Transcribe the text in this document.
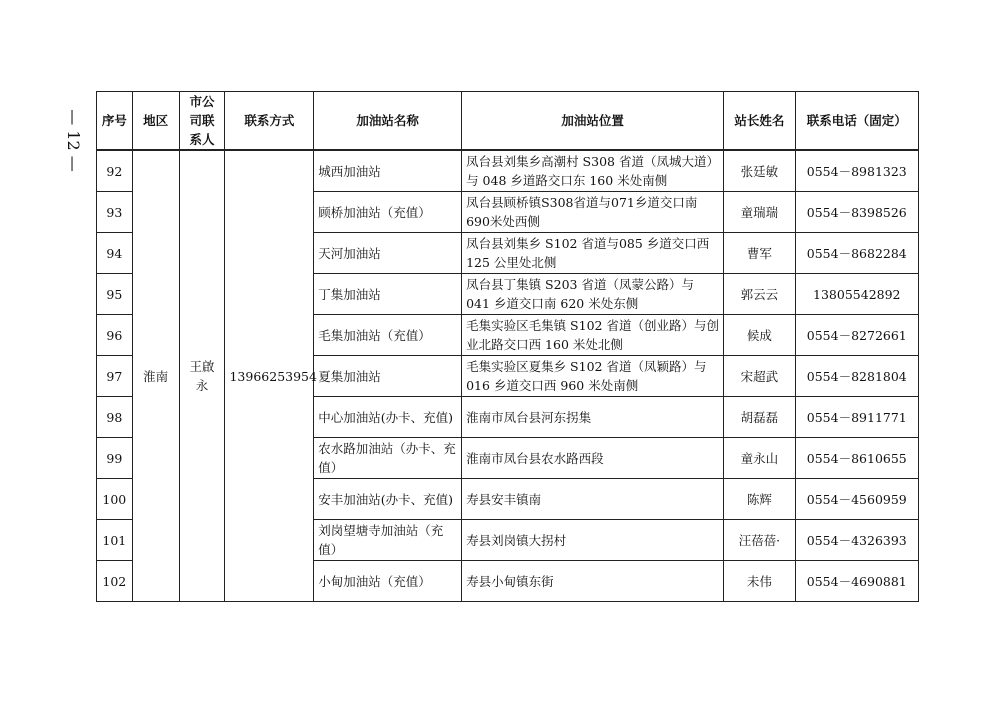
— 12 — 序号	地区	市公司联系人	联系方式	加油站名称	加油站位置	站长姓名	联系电话（固定）
92	淮南	王啟永	13966253954	城西加油站	凤台县刘集乡高潮村 S308 省道（凤城大道）与 048 乡道路交口东 160 米处南侧	张廷敏	0554－8981323
93				顾桥加油站（充值）	凤台县顾桥镇S308省道与071乡道交口南690米处西侧	童瑞瑞	0554－8398526
94				天河加油站	凤台县刘集乡 S102 省道与085 乡道交口西 125 公里处北侧	曹军	0554－8682284
95				丁集加油站	凤台县丁集镇 S203 省道（凤蒙公路）与 041 乡道交口南 620 米处东侧	郭云云	13805542892
96				毛集加油站（充值）	毛集实验区毛集镇 S102 省道（创业路）与创业北路交口西 160 米处北侧	候成	0554－8272661
97				夏集加油站	毛集实验区夏集乡 S102 省道（凤颖路）与 016 乡道交口西 960 米处南侧	宋超武	0554－8281804
98				中心加油站(办卡、充值)	淮南市凤台县河东拐集	胡磊磊	0554－8911771
99				农水路加油站（办卡、充值）	淮南市凤台县农水路西段	童永山	0554－8610655
100				安丰加油站(办卡、充值)	寿县安丰镇南	陈辉	0554－4560959
101				刘岗望塘寺加油站（充值）	寿县刘岗镇大拐村	汪蓓蓓·	0554－4326393
102				小甸加油站（充值）	寿县小甸镇东街	未伟	0554－4690881
